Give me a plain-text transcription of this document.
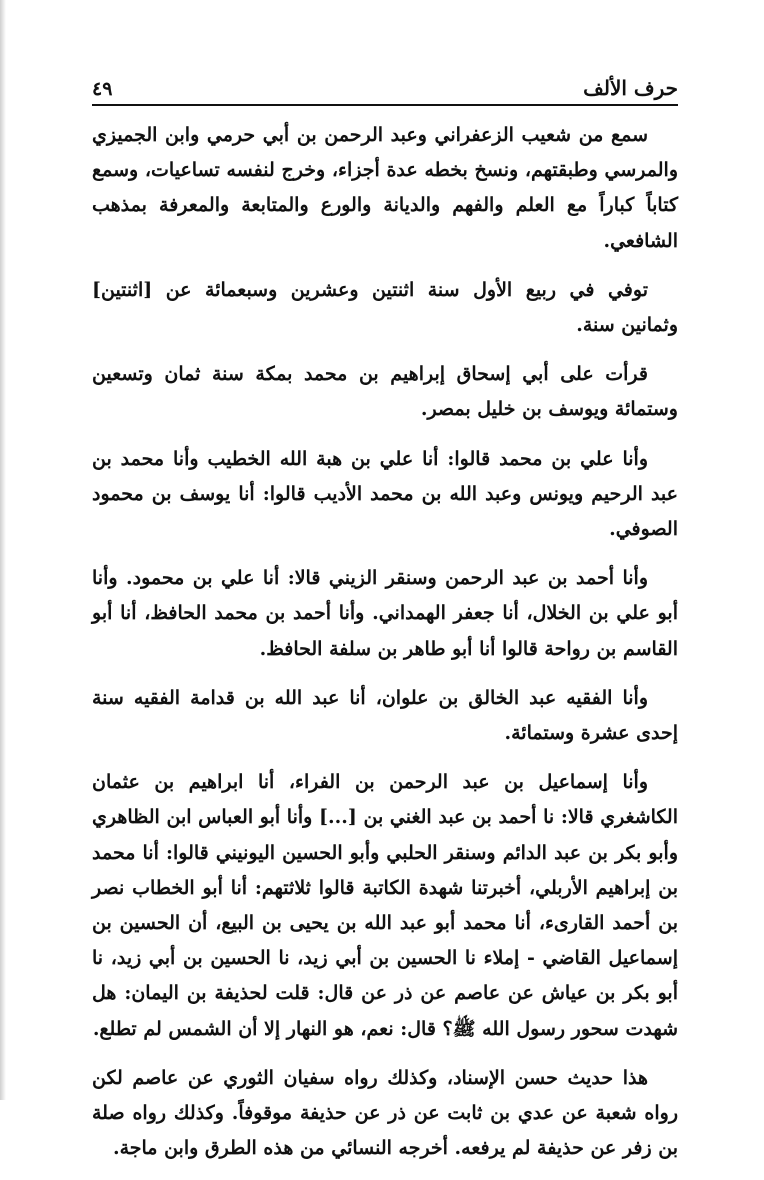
٤٩	حرف الألف

سمع من شعيب الزعفراني وعبد الرحمن بن أبي حرمي وابن الجميزي والمرسي وطبقتهم، ونسخ بخطه عدة أجزاء، وخرج لنفسه تساعيات، وسمع كتاباً كباراً مع العلم والفهم والديانة والورع والمتابعة والمعرفة بمذهب الشافعي.

توفي في ربيع الأول سنة اثنتين وعشرين وسبعمائة عن [اثنتين] وثمانين سنة.

قرأت على أبي إسحاق إبراهيم بن محمد بمكة سنة ثمان وتسعين وستمائة ويوسف بن خليل بمصر.

وأنا علي بن محمد قالوا: أنا علي بن هبة الله الخطيب وأنا محمد بن عبد الرحيم ويونس وعبد الله بن محمد الأديب قالوا: أنا يوسف بن محمود الصوفي.

وأنا أحمد بن عبد الرحمن وسنقر الزيني قالا: أنا علي بن محمود. وأنا أبو علي بن الخلال، أنا جعفر الهمداني. وأنا أحمد بن محمد الحافظ، أنا أبو القاسم بن رواحة قالوا أنا أبو طاهر بن سلفة الحافظ.

وأنا الفقيه عبد الخالق بن علوان، أنا عبد الله بن قدامة الفقيه سنة إحدى عشرة وستمائة.

وأنا إسماعيل بن عبد الرحمن بن الفراء، أنا ابراهيم بن عثمان الكاشغري قالا: نا أحمد بن عبد الغني بن [...] وأنا أبو العباس ابن الظاهري وأبو بكر بن عبد الدائم وسنقر الحلبي وأبو الحسين اليونيني قالوا: أنا محمد بن إبراهيم الأربلي، أخبرتنا شهدة الكاتبة قالوا ثلاثتهم: أنا أبو الخطاب نصر بن أحمد القارىء، أنا محمد أبو عبد الله بن يحيى بن البيع، أن الحسين بن إسماعيل القاضي - إملاء نا الحسين بن أبي زيد، نا الحسين بن أبي زيد، نا أبو بكر بن عياش عن عاصم عن ذر عن قال: قلت لحذيفة بن اليمان: هل شهدت سحور رسول الله ﷺ؟ قال: نعم، هو النهار إلا أن الشمس لم تطلع.

هذا حديث حسن الإسناد، وكذلك رواه سفيان الثوري عن عاصم لكن رواه شعبة عن عدي بن ثابت عن ذر عن حذيفة موقوفاً. وكذلك رواه صلة بن زفر عن حذيفة لم يرفعه. أخرجه النسائي من هذه الطرق وابن ماجة.
